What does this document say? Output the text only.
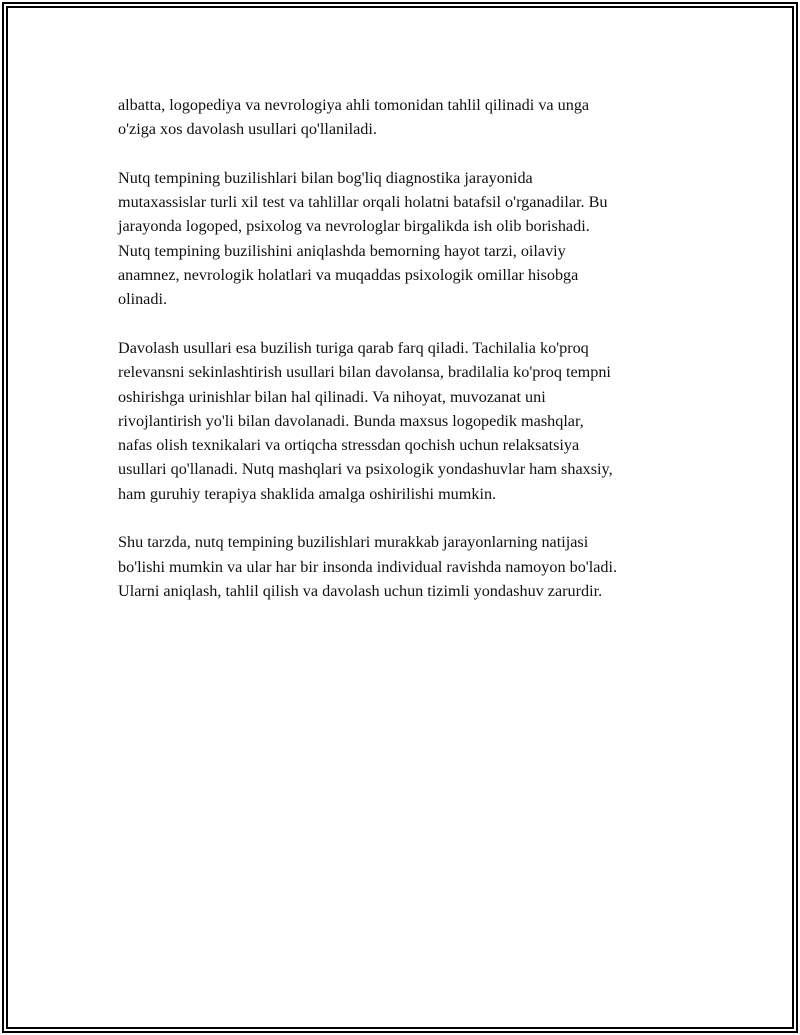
albatta, logopediya va nevrologiya ahli tomonidan tahlil qilinadi va unga
o'ziga xos davolash usullari qo'llaniladi.

Nutq tempining buzilishlari bilan bog'liq diagnostika jarayonida
mutaxassislar turli xil test va tahlillar orqali holatni batafsil o'rganadilar. Bu
jarayonda logoped, psixolog va nevrologlar birgalikda ish olib borishadi.
Nutq tempining buzilishini aniqlashda bemorning hayot tarzi, oilaviy
anamnez, nevrologik holatlari va muqaddas psixologik omillar hisobga
olinadi.

Davolash usullari esa buzilish turiga qarab farq qiladi. Tachilalia ko'proq
relevansni sekinlashtirish usullari bilan davolansa, bradilalia ko'proq tempni
oshirishga urinishlar bilan hal qilinadi. Va nihoyat, muvozanat uni
rivojlantirish yo'li bilan davolanadi. Bunda maxsus logopedik mashqlar,
nafas olish texnikalari va ortiqcha stressdan qochish uchun relaksatsiya
usullari qo'llanadi. Nutq mashqlari va psixologik yondashuvlar ham shaxsiy,
ham guruhiy terapiya shaklida amalga oshirilishi mumkin.

Shu tarzda, nutq tempining buzilishlari murakkab jarayonlarning natijasi
bo'lishi mumkin va ular har bir insonda individual ravishda namoyon bo'ladi.
Ularni aniqlash, tahlil qilish va davolash uchun tizimli yondashuv zarurdir.
